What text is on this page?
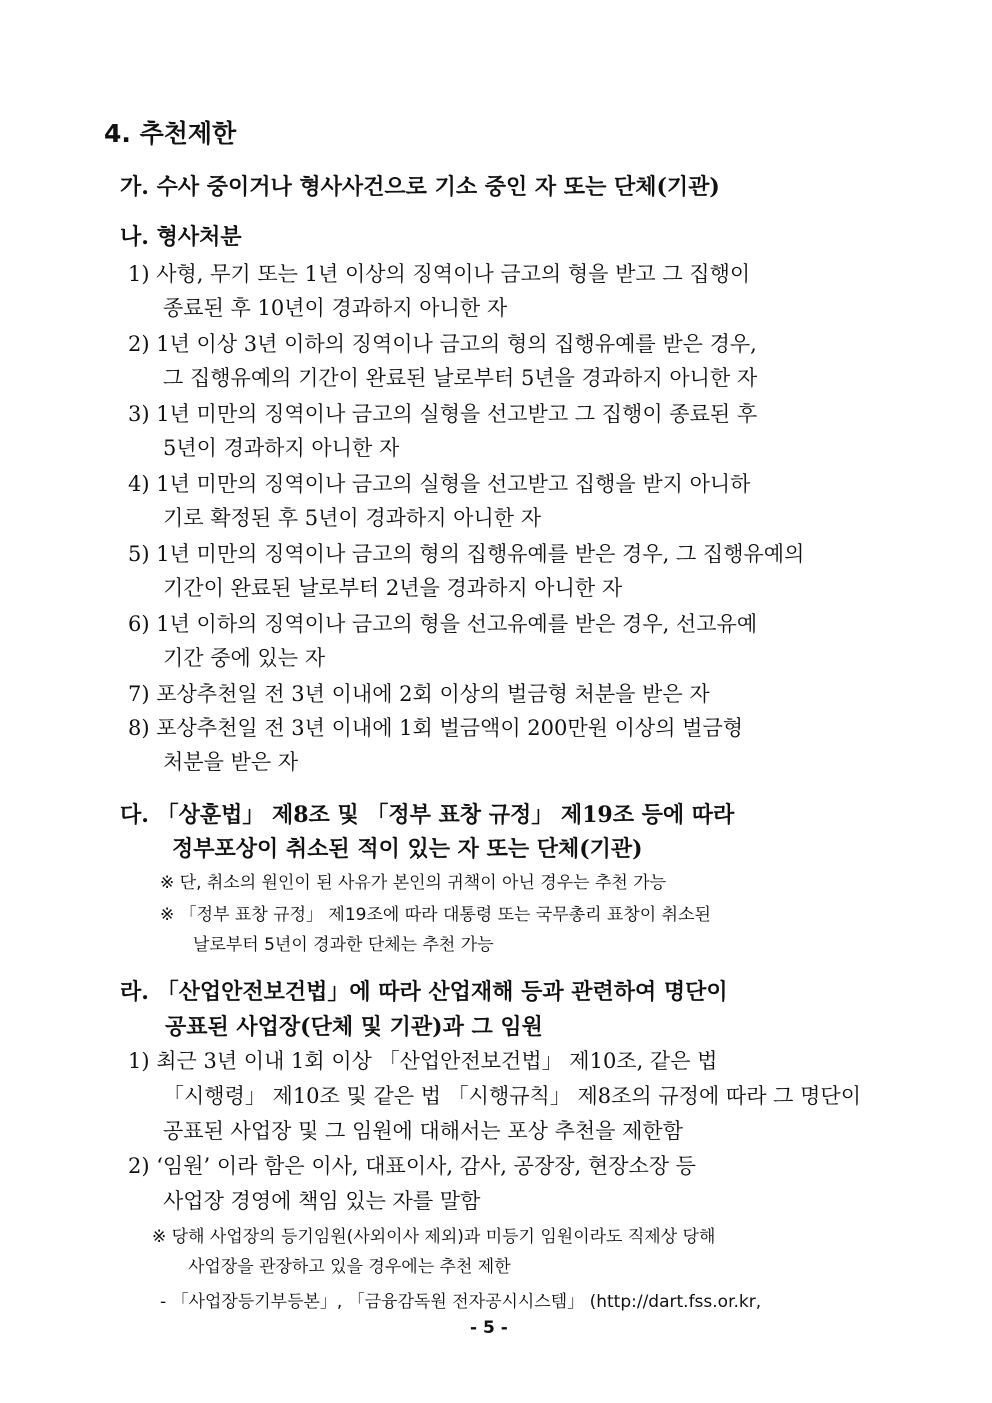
4. 추천제한
가. 수사 중이거나 형사사건으로 기소 중인 자 또는 단체(기관)
나. 형사처분
1) 사형, 무기 또는 1년 이상의 징역이나 금고의 형을 받고 그 집행이
종료된 후 10년이 경과하지 아니한 자
2) 1년 이상 3년 이하의 징역이나 금고의 형의 집행유예를 받은 경우,
그 집행유예의 기간이 완료된 날로부터 5년을 경과하지 아니한 자
3) 1년 미만의 징역이나 금고의 실형을 선고받고 그 집행이 종료된 후
5년이 경과하지 아니한 자
4) 1년 미만의 징역이나 금고의 실형을 선고받고 집행을 받지 아니하
기로 확정된 후 5년이 경과하지 아니한 자
5) 1년 미만의 징역이나 금고의 형의 집행유예를 받은 경우, 그 집행유예의
기간이 완료된 날로부터 2년을 경과하지 아니한 자
6) 1년 이하의 징역이나 금고의 형을 선고유예를 받은 경우, 선고유예
기간 중에 있는 자
7) 포상추천일 전 3년 이내에 2회 이상의 벌금형 처분을 받은 자
8) 포상추천일 전 3년 이내에 1회 벌금액이 200만원 이상의 벌금형
처분을 받은 자
다. 「상훈법」 제8조 및 「정부 표창 규정」 제19조 등에 따라
정부포상이 취소된 적이 있는 자 또는 단체(기관)
※ 단, 취소의 원인이 된 사유가 본인의 귀책이 아닌 경우는 추천 가능
※ 「정부 표창 규정」 제19조에 따라 대통령 또는 국무총리 표창이 취소된
날로부터 5년이 경과한 단체는 추천 가능
라. 「산업안전보건법」에 따라 산업재해 등과 관련하여 명단이
공표된 사업장(단체 및 기관)과 그 임원
1) 최근 3년 이내 1회 이상 「산업안전보건법」 제10조, 같은 법
「시행령」 제10조 및 같은 법 「시행규칙」 제8조의 규정에 따라 그 명단이
공표된 사업장 및 그 임원에 대해서는 포상 추천을 제한함
2) ‘임원’ 이라 함은 이사, 대표이사, 감사, 공장장, 현장소장 등
사업장 경영에 책임 있는 자를 말함
※ 당해 사업장의 등기임원(사외이사 제외)과 미등기 임원이라도 직제상 당해
사업장을 관장하고 있을 경우에는 추천 제한
- 「사업장등기부등본」, 「금융감독원 전자공시시스템」 (http://dart.fss.or.kr,
- 5 -
